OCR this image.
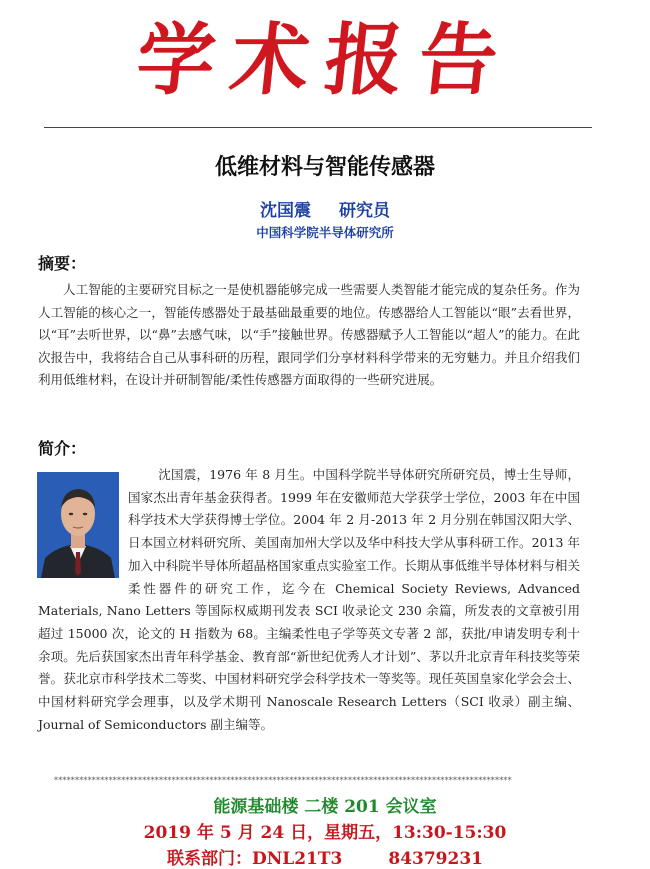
学术报告
低维材料与智能传感器
沈国震 研究员
中国科学院半导体研究所
摘要：
人工智能的主要研究目标之一是使机器能够完成一些需要人类智能才能完成的复杂任务。作为人工智能的核心之一，智能传感器处于最基础最重要的地位。传感器给人工智能以“眼”去看世界，以“耳”去听世界，以“鼻”去感气味，以“手”接触世界。传感器赋予人工智能以“超人”的能力。在此次报告中，我将结合自己从事科研的历程，跟同学们分享材料科学带来的无穷魅力。并且介绍我们利用低维材料，在设计并研制智能/柔性传感器方面取得的一些研究进展。
简介：
沈国震，1976 年 8 月生。中国科学院半导体研究所研究员，博士生导师，国家杰出青年基金获得者。1999 年在安徽师范大学获学士学位，2003 年在中国科学技术大学获得博士学位。2004 年 2 月-2013 年 2 月分别在韩国汉阳大学、日本国立材料研究所、美国南加州大学以及华中科技大学从事科研工作。2013 年加入中科院半导体所超晶格国家重点实验室工作。长期从事低维半导体材料与相关柔性器件的研究工作，迄今在 Chemical Society Reviews, Advanced Materials, Nano Letters 等国际权威期刊发表 SCI 收录论文 230 余篇，所发表的文章被引用超过 15000 次，论文的 H 指数为 68。主编柔性电子学等英文专著 2 部，获批/申请发明专利十余项。先后获国家杰出青年科学基金、教育部“新世纪优秀人才计划”、茅以升北京青年科技奖等荣誉。获北京市科学技术二等奖、中国材料研究学会科学技术一等奖等。现任英国皇家化学会会士、中国材料研究学会理事，以及学术期刊 Nanoscale Research Letters（SCI 收录）副主编、Journal of Semiconductors 副主编等。
*************************************************************************************************************
能源基础楼 二楼 201 会议室
2019 年 5 月 24 日，星期五，13:30-15:30
联系部门：DNL21T3	84379231
